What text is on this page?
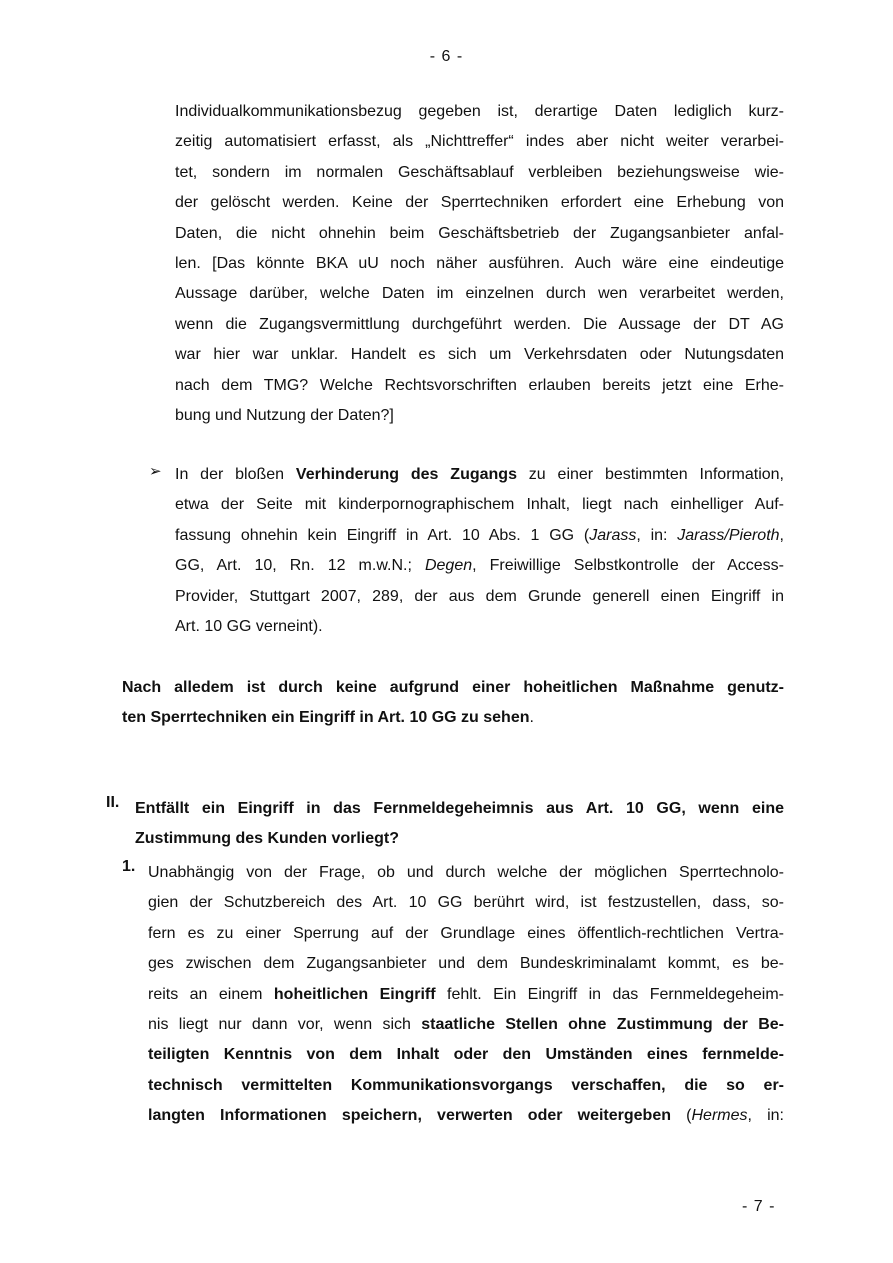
- 6 -
Individualkommunikationsbezug gegeben ist, derartige Daten lediglich kurz-
zeitig automatisiert erfasst, als „Nichttreffer“ indes aber nicht weiter verarbei-
tet, sondern im normalen Geschäftsablauf verbleiben beziehungsweise wie-
der gelöscht werden. Keine der Sperrtechniken erfordert eine Erhebung von
Daten, die nicht ohnehin beim Geschäftsbetrieb der Zugangsanbieter anfal-
len. [Das könnte BKA uU noch näher ausführen. Auch wäre eine eindeutige
Aussage darüber, welche Daten im einzelnen durch wen verarbeitet werden,
wenn die Zugangsvermittlung durchgeführt werden. Die Aussage der DT AG
war hier war unklar. Handelt es sich um Verkehrsdaten oder Nutungsdaten
nach dem TMG? Welche Rechtsvorschriften erlauben bereits jetzt eine Erhe-
bung und Nutzung der Daten?]
➢ In der bloßen Verhinderung des Zugangs zu einer bestimmten Information,
etwa der Seite mit kinderpornographischem Inhalt, liegt nach einhelliger Auf-
fassung ohnehin kein Eingriff in Art. 10 Abs. 1 GG (Jarass, in: Jarass/Pieroth,
GG, Art. 10, Rn. 12 m.w.N.; Degen, Freiwillige Selbstkontrolle der Access-
Provider, Stuttgart 2007, 289, der aus dem Grunde generell einen Eingriff in
Art. 10 GG verneint).
Nach alledem ist durch keine aufgrund einer hoheitlichen Maßnahme genutz-
ten Sperrtechniken ein Eingriff in Art. 10 GG zu sehen.
II. Entfällt ein Eingriff in das Fernmeldegeheimnis aus Art. 10 GG, wenn eine
Zustimmung des Kunden vorliegt?
1. Unabhängig von der Frage, ob und durch welche der möglichen Sperrtechnolo-
gien der Schutzbereich des Art. 10 GG berührt wird, ist festzustellen, dass, so-
fern es zu einer Sperrung auf der Grundlage eines öffentlich-rechtlichen Vertra-
ges zwischen dem Zugangsanbieter und dem Bundeskriminalamt kommt, es be-
reits an einem hoheitlichen Eingriff fehlt. Ein Eingriff in das Fernmeldegeheim-
nis liegt nur dann vor, wenn sich staatliche Stellen ohne Zustimmung der Be-
teiligten Kenntnis von dem Inhalt oder den Umständen eines fernmelde-
technisch vermittelten Kommunikationsvorgangs verschaffen, die so er-
langten Informationen speichern, verwerten oder weitergeben (Hermes, in:
- 7 -
